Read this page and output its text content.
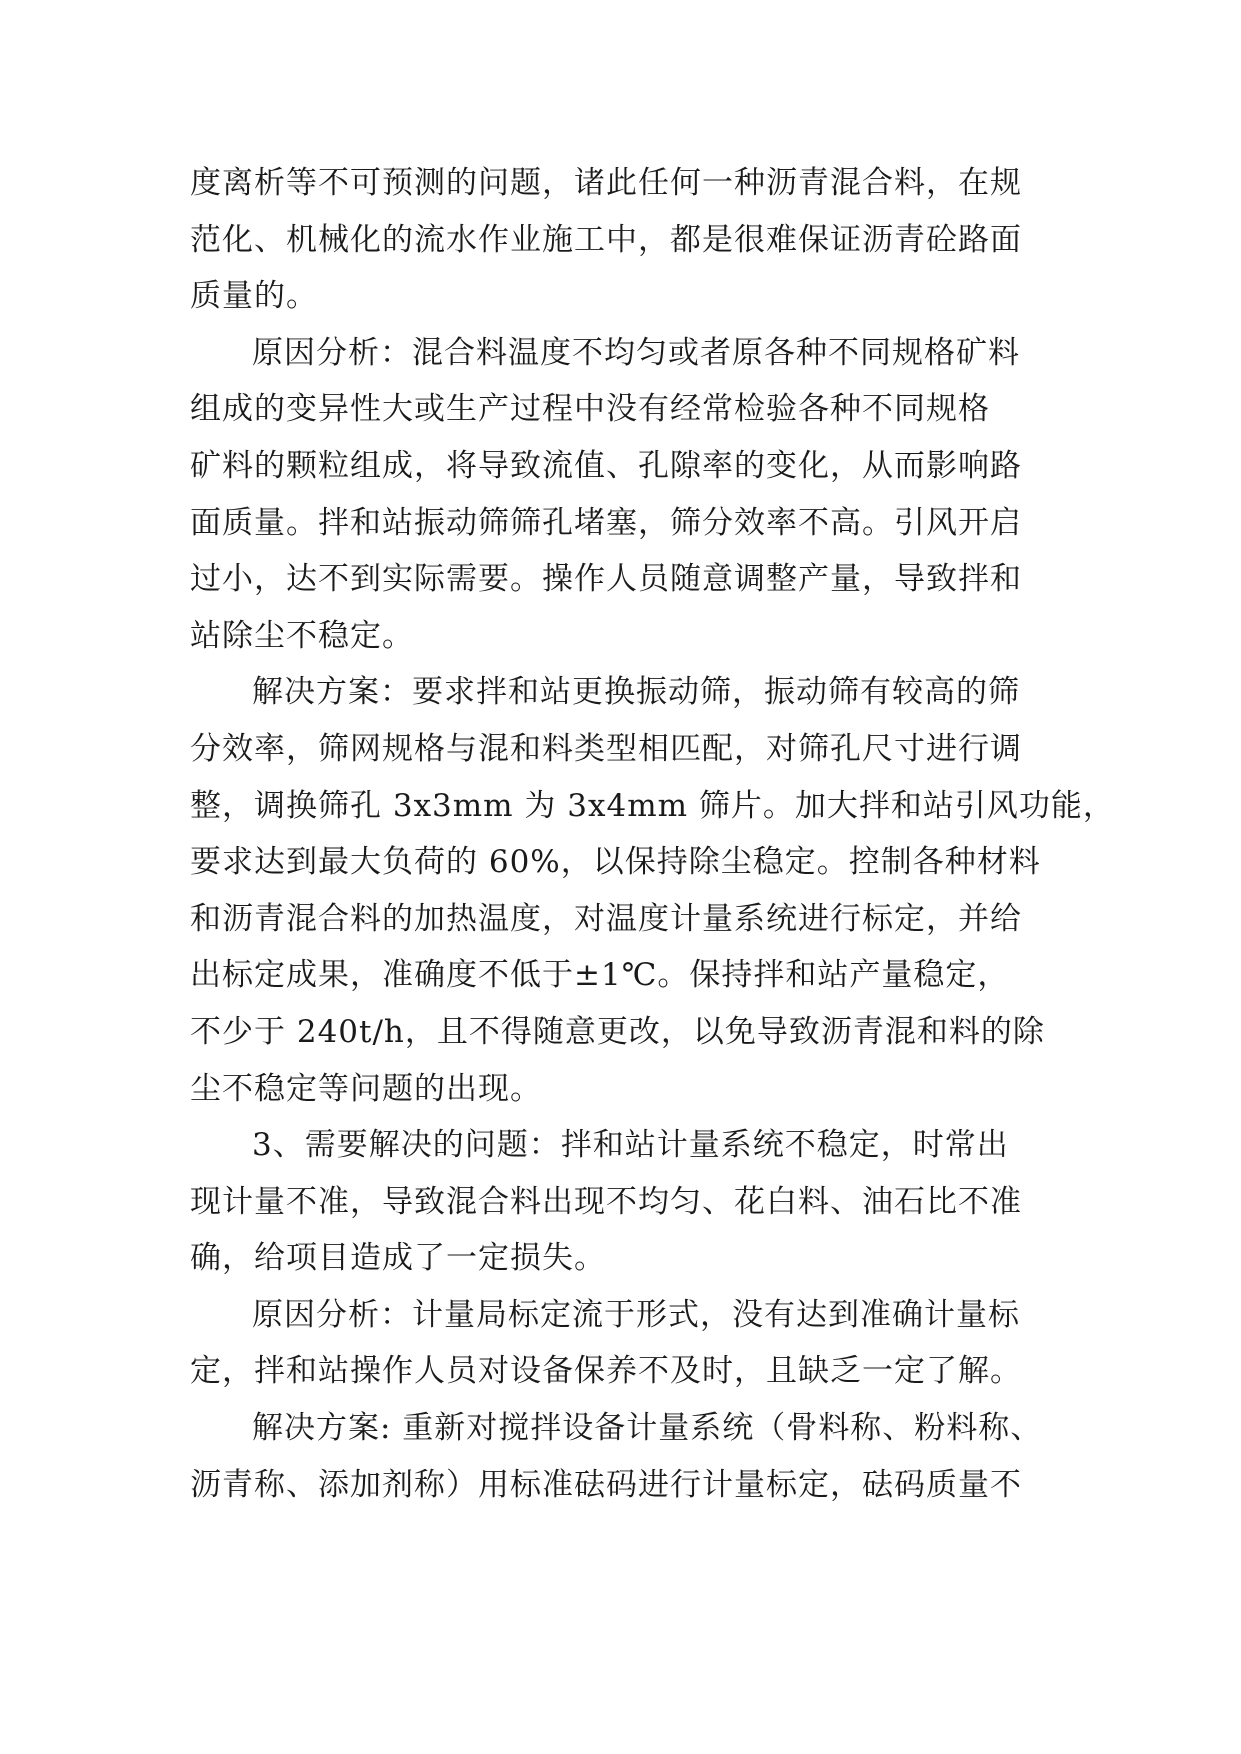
度离析等不可预测的问题，诸此任何一种沥青混合料，在规
范化、机械化的流水作业施工中，都是很难保证沥青砼路面
质量的。
原因分析：混合料温度不均匀或者原各种不同规格矿料
组成的变异性大或生产过程中没有经常检验各种不同规格
矿料的颗粒组成，将导致流值、孔隙率的变化，从而影响路
面质量。拌和站振动筛筛孔堵塞，筛分效率不高。引风开启
过小，达不到实际需要。操作人员随意调整产量，导致拌和
站除尘不稳定。
解决方案：要求拌和站更换振动筛，振动筛有较高的筛
分效率，筛网规格与混和料类型相匹配，对筛孔尺寸进行调
整，调换筛孔 3x3mm 为 3x4mm 筛片。加大拌和站引风功能，
要求达到最大负荷的 60%，以保持除尘稳定。控制各种材料
和沥青混合料的加热温度，对温度计量系统进行标定，并给
出标定成果，准确度不低于±1℃。保持拌和站产量稳定，
不少于 240t/h，且不得随意更改，以免导致沥青混和料的除
尘不稳定等问题的出现。
3、需要解决的问题：拌和站计量系统不稳定，时常出
现计量不准，导致混合料出现不均匀、花白料、油石比不准
确，给项目造成了一定损失。
原因分析：计量局标定流于形式，没有达到准确计量标
定，拌和站操作人员对设备保养不及时，且缺乏一定了解。
解决方案: 重新对搅拌设备计量系统（骨料称、粉料称、
沥青称、添加剂称）用标准砝码进行计量标定，砝码质量不
